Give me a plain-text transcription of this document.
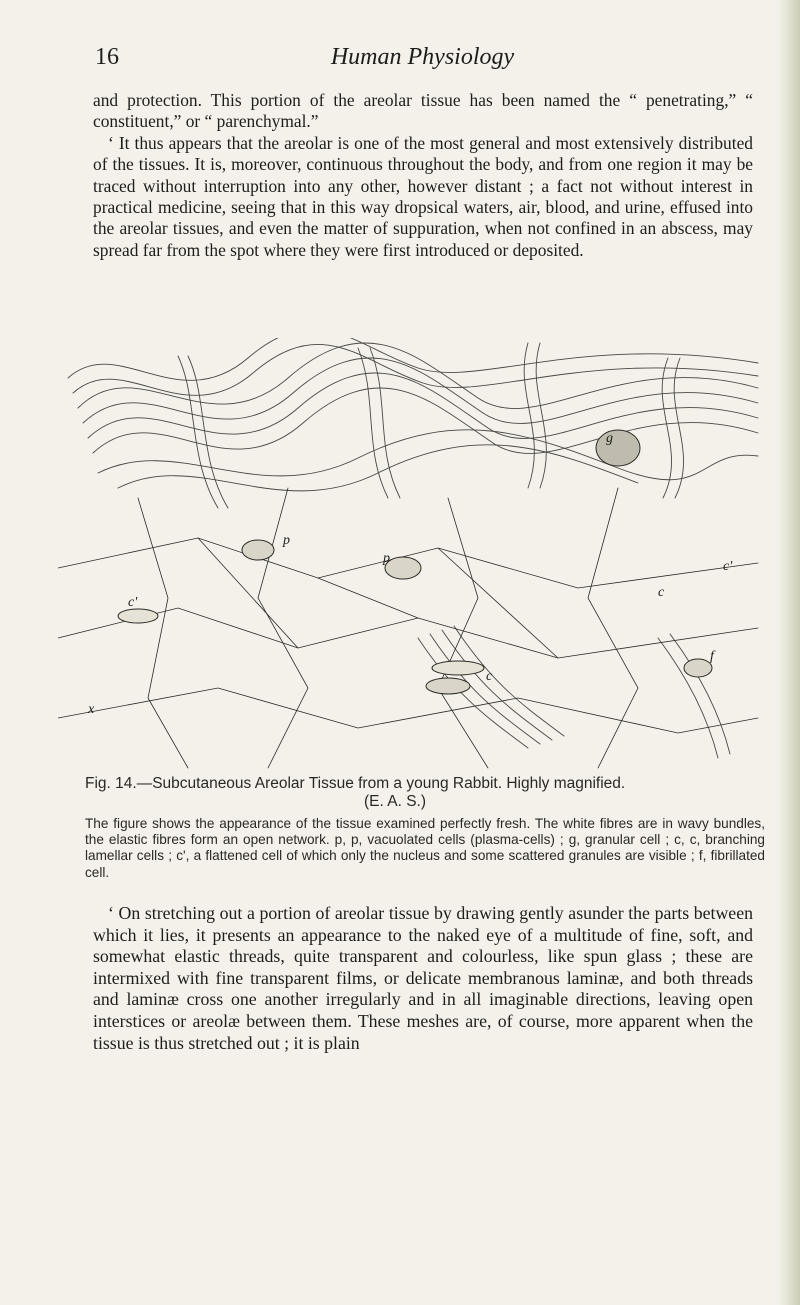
16	Human Physiology

and protection. This portion of the areolar tissue has been named the “ penetrating,” “ constituent,” or “ parenchymal.”

‘ It thus appears that the areolar is one of the most general and most extensively distributed of the tissues. It is, moreover, continuous throughout the body, and from one region it may be traced without interruption into any other, however distant ; a fact not without interest in practical medicine, seeing that in this way dropsical waters, air, blood, and urine, effused into the areolar tissues, and even the matter of suppuration, when not confined in an abscess, may spread far from the spot where they were first introduced or deposited.

p
g
p
c'
c
c'
f
c
x
Fig. 14.—Subcutaneous Areolar Tissue from a young Rabbit. Highly magnified.
(E. A. S.)
The figure shows the appearance of the tissue examined perfectly fresh. The white fibres are in wavy bundles, the elastic fibres form an open network. p, p, vacuolated cells (plasma-cells) ; g, granular cell ; c, c, branching lamellar cells ; c', a flattened cell of which only the nucleus and some scattered granules are visible ; f, fibrillated cell.

‘ On stretching out a portion of areolar tissue by drawing gently asunder the parts between which it lies, it presents an appearance to the naked eye of a multitude of fine, soft, and somewhat elastic threads, quite transparent and colourless, like spun glass ; these are intermixed with fine transparent films, or delicate membranous laminæ, and both threads and laminæ cross one another irregularly and in all imaginable directions, leaving open interstices or areolæ between them. These meshes are, of course, more apparent when the tissue is thus stretched out ; it is plain
